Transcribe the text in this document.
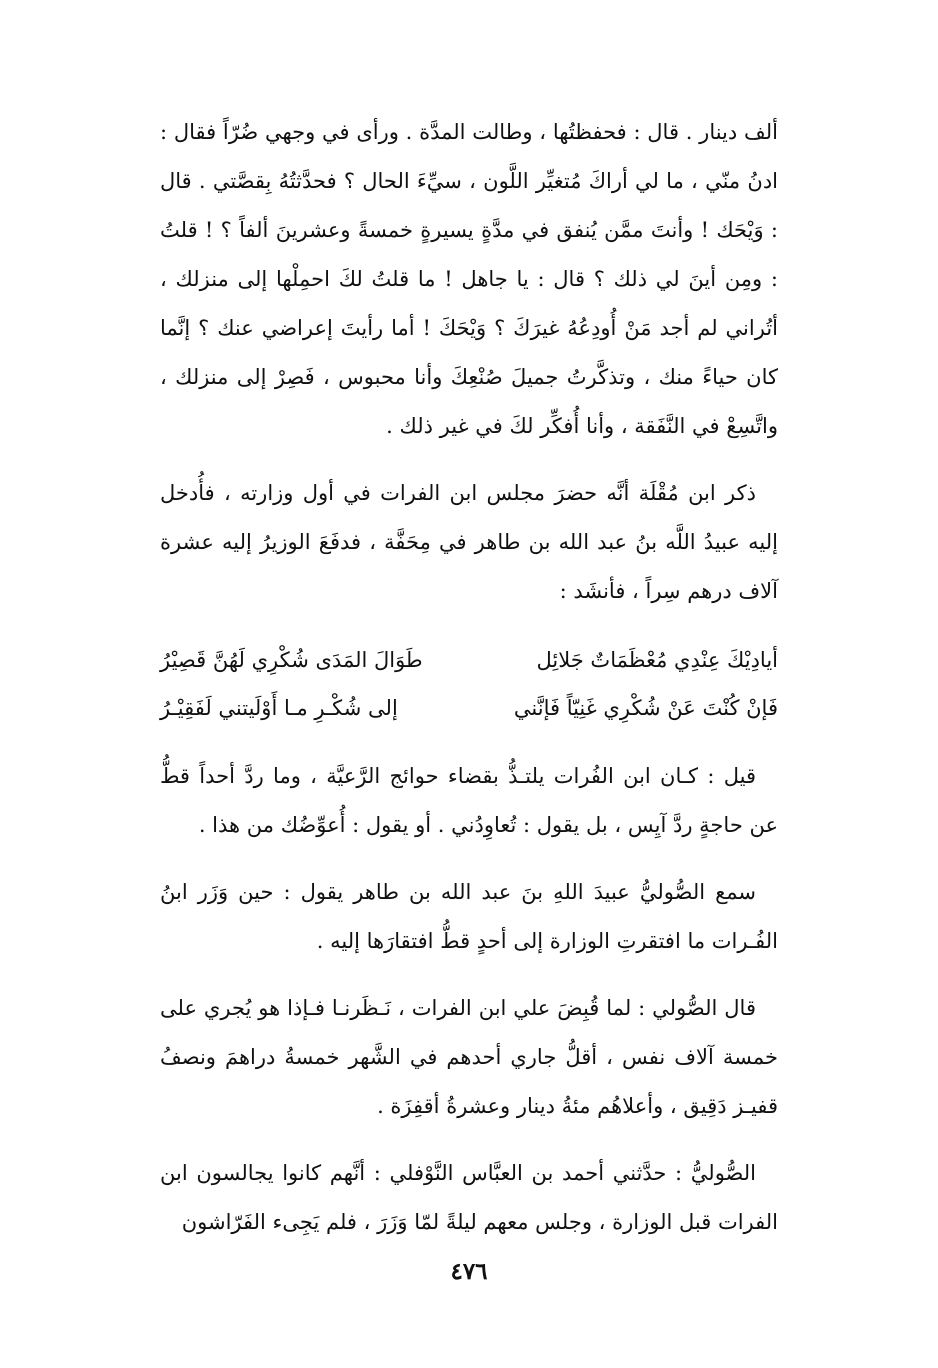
ألف دينار . قال : فحفظتُها ، وطالت المدَّة . ورأى في وجهي ضُرّاً فقال : ادنُ منّي ، ما لي أراكَ مُتغيِّر اللَّون ، سيِّءَ الحال ؟ فحدَّثتُهُ بِقصَّتي . قال : وَيْحَك ! وأنتَ ممَّن يُنفق في مدَّةٍ يسيرةٍ خمسةً وعشرينَ ألفاً ؟ ! قلتُ : ومِن أينَ لي ذلك ؟ قال : يا جاهل ! ما قلتُ لكَ احمِلْها إلى منزلك ، أتُراني لم أجد مَنْ أُودِعُهُ غيرَكَ ؟ وَيْحَكَ ! أما رأيتَ إعراضي عنك ؟ إنَّما كان حياءً منك ، وتذكَّرتُ جميلَ صُنْعِكَ وأنا محبوس ، فَصِرْ إلى منزلك ، واتَّسِعْ في النَّفَقة ، وأنا أُفكِّر لكَ في غير ذلك .

ذكر ابن مُقْلَة أنَّه حضرَ مجلس ابن الفرات في أول وزارته ، فأُدخل إليه عبيدُ اللَّه بنُ عبد الله بن طاهر في مِحَفَّة ، فدفَعَ الوزيرُ إليه عشرة آلاف درهم سِراً ، فأنشَد :

أيادِيْكَ عِنْدِي مُعْظَمَاتٌ جَلائِل
طَوَالَ المَدَى شُكْرِي لَهُنَّ قَصِيْرُ
فَإنْ كُنْتَ عَنْ شُكْرِي غَنِيّاً فَإنَّني
إلى شُكْـرِ مـا أَوْلَيتني لَفَقِيْـرُ

قيل : كـان ابن الفُرات يلتـذُّ بقضاء حوائج الرَّعيَّة ، وما ردَّ أحداً قطُّ عن حاجةٍ ردَّ آيِس ، بل يقول : تُعاوِدُني . أو يقول : أُعوِّضُك من هذا .

سمع الصُّوليُّ عبيدَ اللهِ بنَ عبد الله بن طاهر يقول : حين وَزَر ابنُ الفُـرات ما افتقرتِ الوزارة إلى أحدٍ قطُّ افتقارَها إليه .

قال الصُّولي : لما قُبِضَ علي ابن الفرات ، نَـظَرنـا فـإذا هو يُجري على خمسة آلاف نفس ، أقلُّ جاري أحدهم في الشَّهر خمسةُ دراهمَ ونصفُ قفيـز دَقِيق ، وأعلاهُم مئةُ دينار وعشرةُ أقفِزَة .

الصُّوليُّ : حدَّثني أحمد بن العبَّاس النَّوْفلي : أنَّهم كانوا يجالسون ابن الفرات قبل الوزارة ، وجلس معهم ليلةً لمّا وَزَرَ ، فلم يَجِىء الفَرّاشون

٤٧٦
